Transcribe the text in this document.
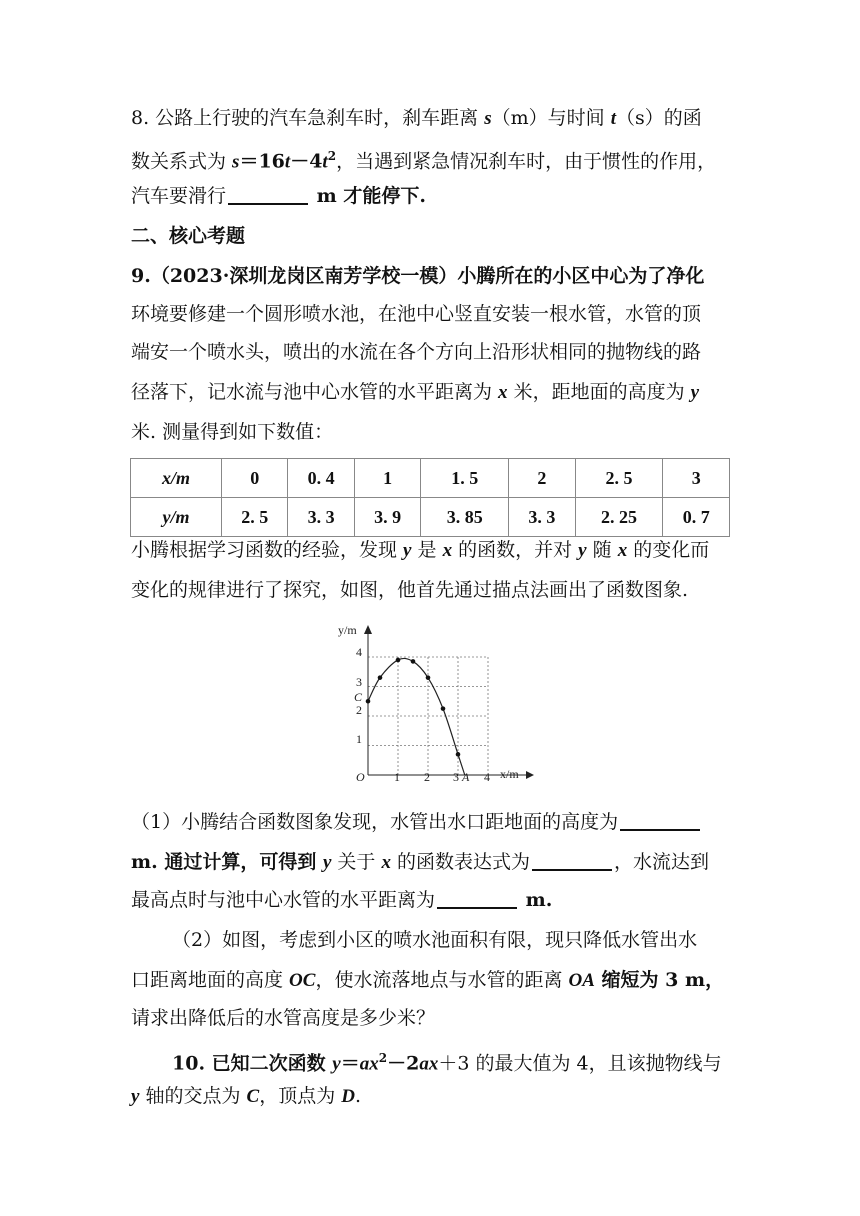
8. 公路上行驶的汽车急刹车时，刹车距离 s（m）与时间 t（s）的函
数关系式为 $s=16t-4t^2$，当遇到紧急情况刹车时，由于惯性的作用，
汽车要滑行	m 才能停下.
二、核心考题
9.（2023·深圳龙岗区南芳学校一模）小腾所在的小区中心为了净化
环境要修建一个圆形喷水池，在池中心竖直安装一根水管，水管的顶
端安一个喷水头，喷出的水流在各个方向上沿形状相同的抛物线的路
径落下，记水流与池中心水管的水平距离为 x 米，距地面的高度为 y
米. 测量得到如下数值：
x/m	0	0. 4	1	1. 5	2	2. 5	3
y/m	2. 5	3. 3	3. 9	3. 85	3. 3	2. 25	0. 7
小腾根据学习函数的经验，发现 y 是 x 的函数，并对 y 随 x 的变化而
变化的规律进行了探究，如图，他首先通过描点法画出了函数图象.
y/m
x/m
O
1
2
3
4
C
1 2 3 A 4
（1）小腾结合函数图象发现，水管出水口距地面的高度为
m. 通过计算，可得到 y 关于 x 的函数表达式为	，水流达到
最高点时与池中心水管的水平距离为	m.
（2）如图，考虑到小区的喷水池面积有限，现只降低水管出水
口距离地面的高度 OC，使水流落地点与水管的距离 OA 缩短为 3 m，
请求出降低后的水管高度是多少米？
10. 已知二次函数 $y=ax^2-2ax+3$ 的最大值为 4，且该抛物线与
y 轴的交点为 C，顶点为 D.
